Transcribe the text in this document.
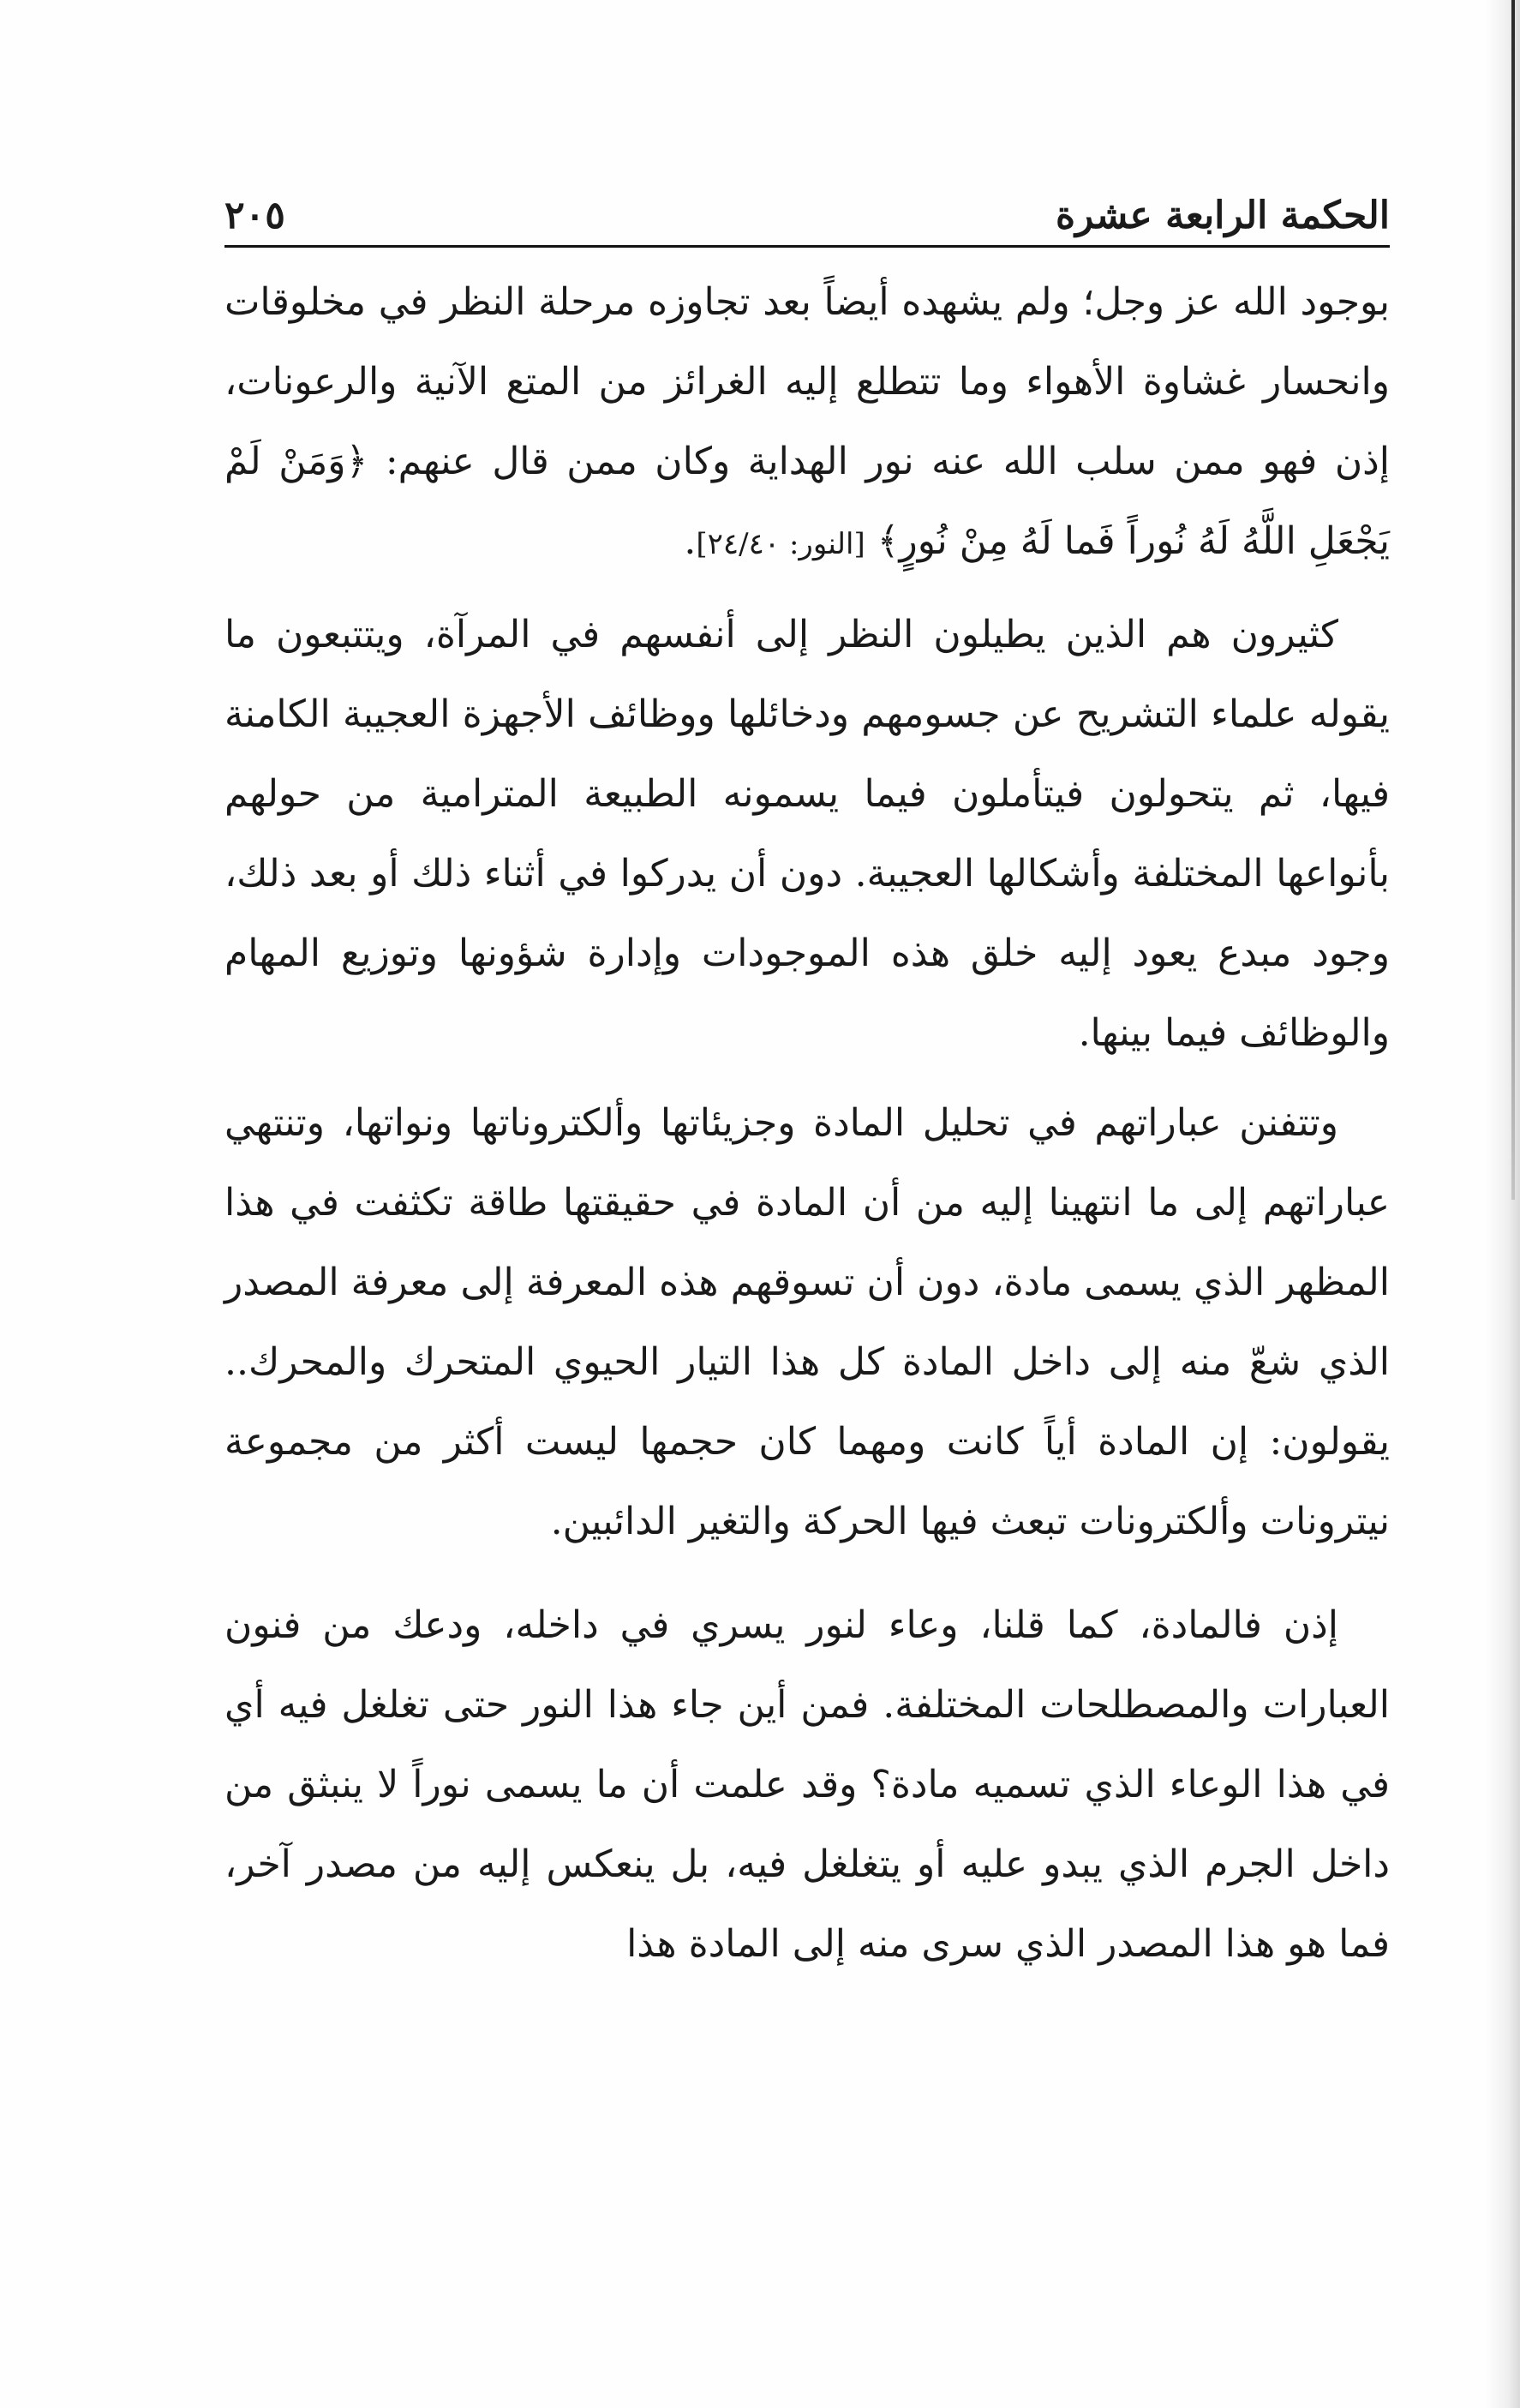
الحكمة الرابعة عشرة
٢٠٥

بوجود الله عز وجل؛ ولم يشهده أيضاً بعد تجاوزه مرحلة النظر في مخلوقات وانحسار غشاوة الأهواء وما تتطلع إليه الغرائز من المتع الآنية والرعونات، إذن فهو ممن سلب الله عنه نور الهداية وكان ممن قال عنهم: ﴿وَمَنْ لَمْ يَجْعَلِ اللَّهُ لَهُ نُوراً فَما لَهُ مِنْ نُورٍ﴾ [النور: ٢٤/٤٠].

كثيرون هم الذين يطيلون النظر إلى أنفسهم في المرآة، ويتتبعون ما يقوله علماء التشريح عن جسومهم ودخائلها ووظائف الأجهزة العجيبة الكامنة فيها، ثم يتحولون فيتأملون فيما يسمونه الطبيعة المترامية من حولهم بأنواعها المختلفة وأشكالها العجيبة. دون أن يدركوا في أثناء ذلك أو بعد ذلك، وجود مبدع يعود إليه خلق هذه الموجودات وإدارة شؤونها وتوزيع المهام والوظائف فيما بينها.

وتتفنن عباراتهم في تحليل المادة وجزيئاتها وألكتروناتها ونواتها، وتنتهي عباراتهم إلى ما انتهينا إليه من أن المادة في حقيقتها طاقة تكثفت في هذا المظهر الذي يسمى مادة، دون أن تسوقهم هذه المعرفة إلى معرفة المصدر الذي شعّ منه إلى داخل المادة كل هذا التيار الحيوي المتحرك والمحرك.. يقولون: إن المادة أياً كانت ومهما كان حجمها ليست أكثر من مجموعة نيترونات وألكترونات تبعث فيها الحركة والتغير الدائبين.

إذن فالمادة، كما قلنا، وعاء لنور يسري في داخله، ودعك من فنون العبارات والمصطلحات المختلفة. فمن أين جاء هذا النور حتى تغلغل فيه أي في هذا الوعاء الذي تسميه مادة؟ وقد علمت أن ما يسمى نوراً لا ينبثق من داخل الجرم الذي يبدو عليه أو يتغلغل فيه، بل ينعكس إليه من مصدر آخر، فما هو هذا المصدر الذي سرى منه إلى المادة هذا
